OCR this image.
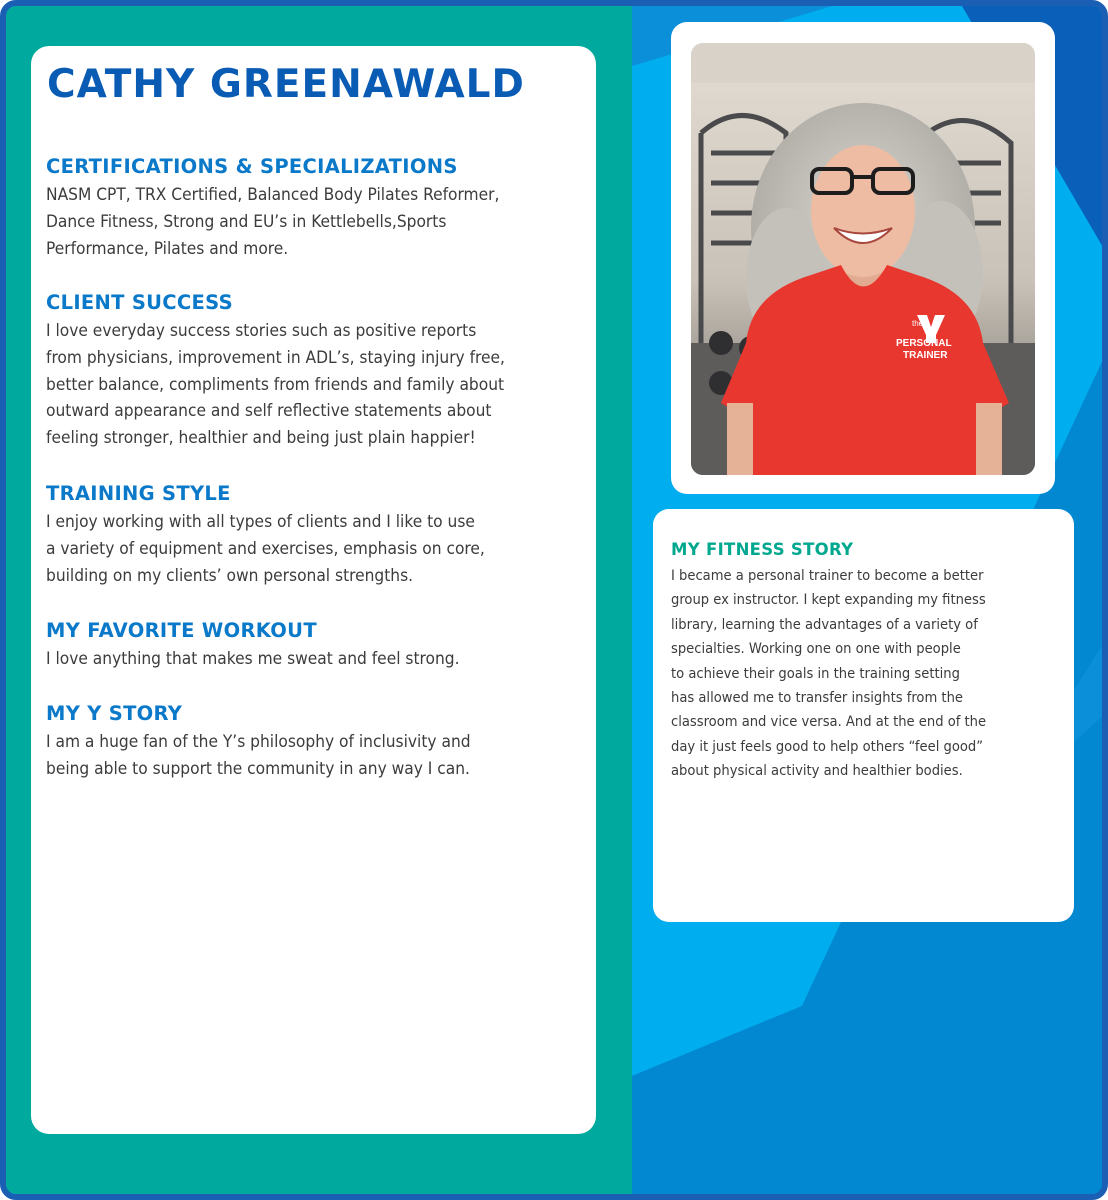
CATHY GREENAWALD
CERTIFICATIONS & SPECIALIZATIONS

NASM CPT, TRX Certified, Balanced Body Pilates Reformer,
Dance Fitness, Strong and EU’s in Kettlebells,Sports
Performance, Pilates and more.

CLIENT SUCCESS

I love everyday success stories such as positive reports
from physicians, improvement in ADL’s, staying injury free,
better balance, compliments from friends and family about
outward appearance and self reflective statements about
feeling stronger, healthier and being just plain happier!

TRAINING STYLE

I enjoy working with all types of clients and I like to use
a variety of equipment and exercises, emphasis on core,
building on my clients’ own personal strengths.

MY FAVORITE WORKOUT

I love anything that makes me sweat and feel strong.

MY Y STORY

I am a huge fan of the Y’s philosophy of inclusivity and
being able to support the community in any way I can.

the
PERSONAL
TRAINER
MY FITNESS STORY

I became a personal trainer to become a better
group ex instructor. I kept expanding my fitness
library, learning the advantages of a variety of
specialties. Working one on one with people
to achieve their goals in the training setting
has allowed me to transfer insights from the
classroom and vice versa. And at the end of the
day it just feels good to help others “feel good”
about physical activity and healthier bodies.
